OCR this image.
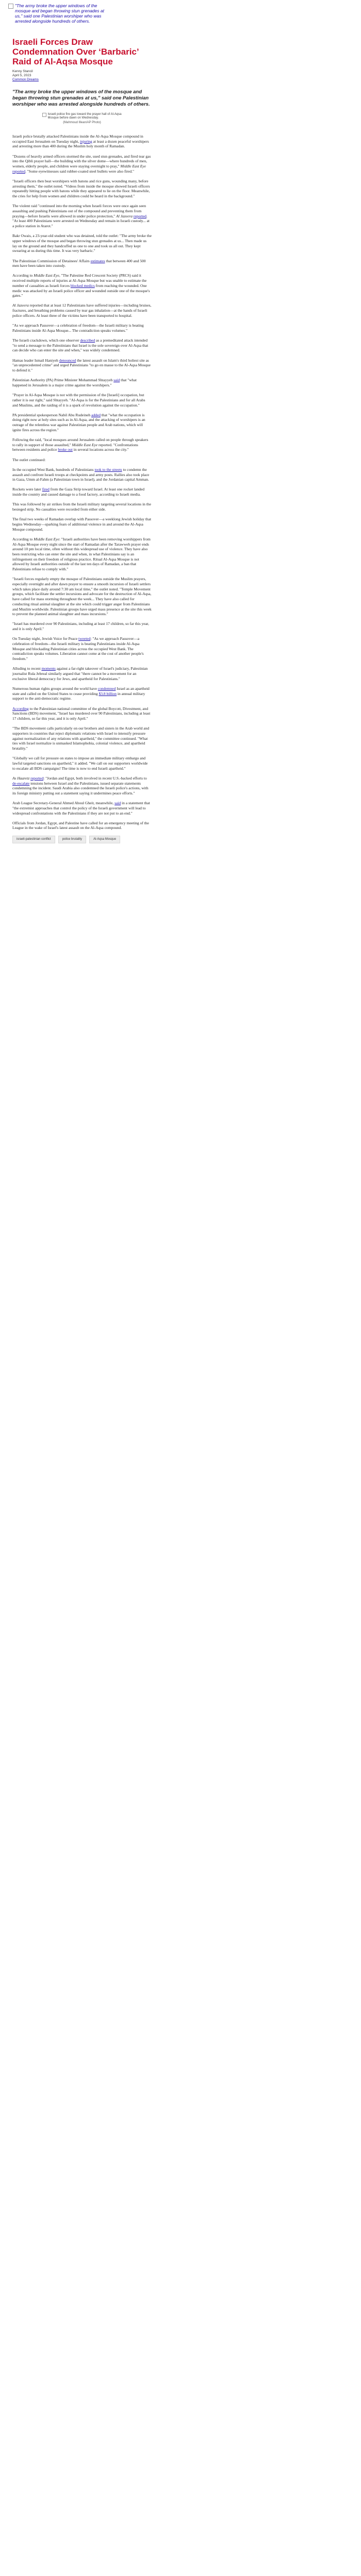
"The army broke the upper windows of the mosque and began throwing stun grenades at us," said one Palestinian worshiper who was arrested alongside hundreds of others.
Israeli Forces Draw Condemnation Over ‘Barbaric’ Raid of Al-Aqsa Mosque
Kenny Stancil
April 5, 2023
Common Dreams
"The army broke the upper windows of the mosque and began throwing stun grenades at us," said one Palestinian worshiper who was arrested alongside hundreds of others.
Israeli police fire gas toward the prayer hall of Al-Aqsa Mosque before dawn on Wednesday.
(Mahmoud Illean/AP Photo)

Israeli police brutally attacked Palestinians inside the Al-Aqsa Mosque compound in occupied East Jerusalem on Tuesday night, injuring at least a dozen peaceful worshipers and arresting more than 400 during the Muslim holy month of Ramadan.

"Dozens of heavily armed officers stormed the site, used stun grenades, and fired tear gas into the Qibli prayer hall—the building with the silver dome—where hundreds of men, women, elderly people, and children were staying overnight to pray," Middle East Eye reported. "Some eyewitnesses said rubber-coated steel bullets were also fired."

"Israeli officers then beat worshipers with batons and rice guns, wounding many, before arresting them," the outlet noted. "Videos from inside the mosque showed Israeli officers repeatedly hitting people with batons while they appeared to lie on the floor. Meanwhile, the cries for help from women and children could be heard in the background."

The violent raid "continued into the morning when Israeli forces were once again seen assaulting and pushing Palestinians out of the compound and preventing them from praying—before Israelis were allowed in under police protection," Al Jazeera reported. "At least 400 Palestinians were arrested on Wednesday and remain in Israeli custody... at a police station in Atarot."

Bakr Owais, a 23-year-old student who was detained, told the outlet: "The army broke the upper windows of the mosque and began throwing stun grenades at us... Then made us lay on the ground and they handcuffed us one to one and took us all out. They kept swearing at us during this time. It was very barbaric."

The Palestinian Commission of Detainees' Affairs estimates that between 400 and 500 men have been taken into custody.

According to Middle East Eye, "The Palestine Red Crescent Society (PRCS) said it received multiple reports of injuries at Al-Aqsa Mosque but was unable to estimate the number of casualties as Israeli forces blocked medics from reaching the wounded. One medic was attacked by an Israeli police officer and wounded outside one of the mosque's gates."

Al Jazeera reported that at least 12 Palestinians have suffered injuries—including bruises, fractures, and breathing problems caused by tear gas inhalation—at the hands of Israeli police officers. At least three of the victims have been transported to hospital.

"As we approach Passover—a celebration of freedom—the Israeli military is beating Palestinians inside Al-Aqsa Mosque... The contradiction speaks volumes."

The Israeli crackdown, which one observer described as a premeditated attack intended "to send a message to the Palestinians that Israel is the sole sovereign over Al-Aqsa that can decide who can enter the site and when," was widely condemned.

Hamas leader Ismail Haniyeh denounced the latest assault on Islam's third holiest site as "an unprecedented crime" and urged Palestinians "to go en masse to the Al-Aqsa Mosque to defend it."

Palestinian Authority (PA) Prime Minister Mohammad Shtayyeh said that "what happened in Jerusalem is a major crime against the worshipers."

"Prayer in Al-Aqsa Mosque is not with the permission of the [Israeli] occupation, but rather it is our right," said Shtayyeh. "Al-Aqsa is for the Palestinians and for all Arabs and Muslims, and the raiding of it is a spark of revolution against the occupation."

PA presidential spokesperson Nabil Abu Rudeineh added that "what the occupation is doing right now at holy sites such as in Al-Aqsa, and the attacking of worshipers is an outrage of the relentless war against Palestinian people and Arab nations, which will ignite fires across the region."

Following the raid, "local mosques around Jerusalem called on people through speakers to rally in support of those assaulted," Middle East Eye reported. "Confrontations between residents and police broke out in several locations across the city."

The outlet continued:

In the occupied West Bank, hundreds of Palestinians took to the streets to condemn the assault and confront Israeli troops at checkpoints and army posts. Rallies also took place in Gaza, Umm al-Fahm (a Palestinian town in Israel), and the Jordanian capital Amman.

Rockets were later fired from the Gaza Strip toward Israel. At least one rocket landed inside the country and caused damage to a food factory, according to Israeli media.

This was followed by air strikes from the Israeli military targeting several locations in the besieged strip. No casualties were recorded from either side.

The final two weeks of Ramadan overlap with Passover—a weeklong Jewish holiday that begins Wednesday—sparking fears of additional violence in and around the Al-Aqsa Mosque compound.

According to Middle East Eye: "Israeli authorities have been removing worshippers from Al-Aqsa Mosque every night since the start of Ramadan after the Tarawweh prayer ends around 10 pm local time, often without this widespread use of violence. They have also been restricting who can enter the site and when, in what Palestinians say is an infringement on their freedom of religious practice. Ritual Al-Aqsa Mosque is not allowed by Israeli authorities outside of the last ten days of Ramadan, a ban that Palestinians refuse to comply with."

"Israeli forces regularly empty the mosque of Palestinians outside the Muslim prayers, especially overnight and after dawn prayer to ensure a smooth incursion of Israeli settlers which takes place daily around 7:30 am local time," the outlet noted. "Temple Movement groups, which facilitate the settler incursions and advocate for the destruction of Al-Aqsa, have called for mass storming throughout the week... They have also called for conducting ritual animal slaughter at the site which could trigger anger from Palestinians and Muslim worldwide. Palestinian groups have urged mass presence at the site this week to prevent the planned animal slaughter and mass incursions."

"Israel has murdered over 90 Palestinians, including at least 17 children, so far this year, and it is only April."

On Tuesday night, Jewish Voice for Peace tweeted: "As we approach Passover—a celebration of freedom—the Israeli military is beating Palestinians inside Al-Aqsa Mosque and blockading Palestinian cities across the occupied West Bank. The contradiction speaks volumes. Liberation cannot come at the cost of another people's freedom."

Alluding to recent moments against a far-right takeover of Israel's judiciary, Palestinian journalist Rula Jebreal similarly argued that "there cannot be a movement for an exclusive liberal democracy for Jews, and apartheid for Palestinians."

Numerous human rights groups around the world have condemned Israel as an apartheid state and called on the United States to cease providing $3.8 billion in annual military support to the anti-democratic regime.

According to the Palestinian national committee of the global Boycott, Divestment, and Sanctions (BDS) movement, "Israel has murdered over 90 Palestinians, including at least 17 children, so far this year, and it is only April."

"The BDS movement calls particularly on our brothers and sisters in the Arab world and supporters in countries that reject diplomatic relations with Israel to intensify pressure against normalization of any relations with apartheid," the committee continued. "What ties with Israel normalize is unmasked Islamophobia, colonial violence, and apartheid brutality."

"Globally we call for pressure on states to impose an immediate military embargo and lawful targeted sanctions on apartheid," it added. "We call on our supporters worldwide to escalate all BDS campaigns! The time is now to end Israeli apartheid."

As Haaretz reported: "Jordan and Egypt, both involved in recent U.S.-backed efforts to de-escalate tensions between Israel and the Palestinians, issued separate statements condemning the incident. Saudi Arabia also condemned the Israeli police's actions, with its foreign ministry putting out a statement saying it undermines peace efforts."

Arab League Secretary-General Ahmed Aboul Gheit, meanwhile, said in a statement that "the extremist approaches that control the policy of the Israeli government will lead to widespread confrontations with the Palestinians if they are not put to an end."

Officials from Jordan, Egypt, and Palestine have called for an emergency meeting of the League in the wake of Israel's latest assault on the Al-Aqsa compound.

israeli-palestinian conflict	police brutality	Al-Aqsa Mosque
